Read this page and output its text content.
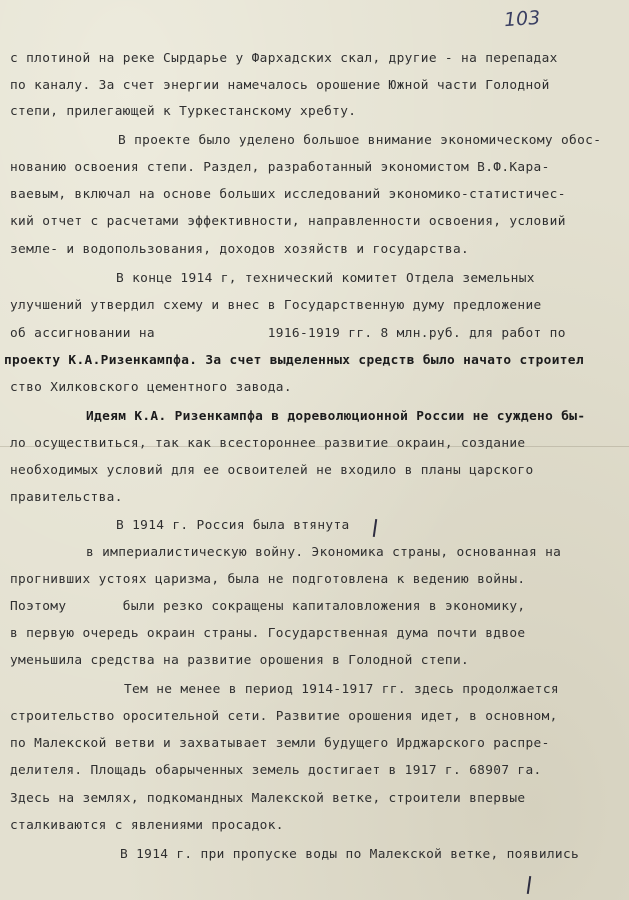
103
с плотиной на реке Сырдарье у Фархадских скал, другие - на перепадах
по каналу. За счет энергии намечалось орошение Южной части Голодной
степи, прилегающей к Туркестанскому хребту.
В проекте было уделено большое внимание экономическому обос-
нованию освоения степи. Раздел, разработанный экономистом В.Ф.Кара-
ваевым, включал на основе больших исследований экономико-статистичес-
кий отчет с расчетами эффективности, направленности освоения, условий
земле- и водопользования, доходов хозяйств и государства.
В конце 1914 г, технический комитет Отдела земельных
улучшений утвердил схему и внес в Государственную думу предложение
об ассигновании на              1916-1919 гг. 8 млн.руб. для работ по
проекту К.А.Ризенкампфа. За счет выделенных средств было начато строител
ство Хилковского цементного завода.
Идеям К.А. Ризенкампфа в дореволюционной России не суждено бы-
ло осуществиться, так как всестороннее развитие окраин, создание
необходимых условий для ее освоителей не входило в планы царского
правительства.
В 1914 г. Россия была втянута
в империалистическую войну. Экономика страны, основанная на
прогнивших устоях царизма, была не подготовлена к ведению войны.
Поэтому       были резко сокращены капиталовложения в экономику,
в первую очередь окраин страны. Государственная дума почти вдвое
уменьшила средства на развитие орошения в Голодной степи.
Тем не менее в период 1914-1917 гг. здесь продолжается
строительство оросительной сети. Развитие орошения идет, в основном,
по Малекской ветви и захватывает земли будущего Ирджарского распре-
делителя. Площадь обарыченных земель достигает в 1917 г. 68907 га.
Здесь на землях, подкомандных Малекской ветке, строители впервые
сталкиваются с явлениями просадок.
В 1914 г. при пропуске воды по Малекской ветке, появились
